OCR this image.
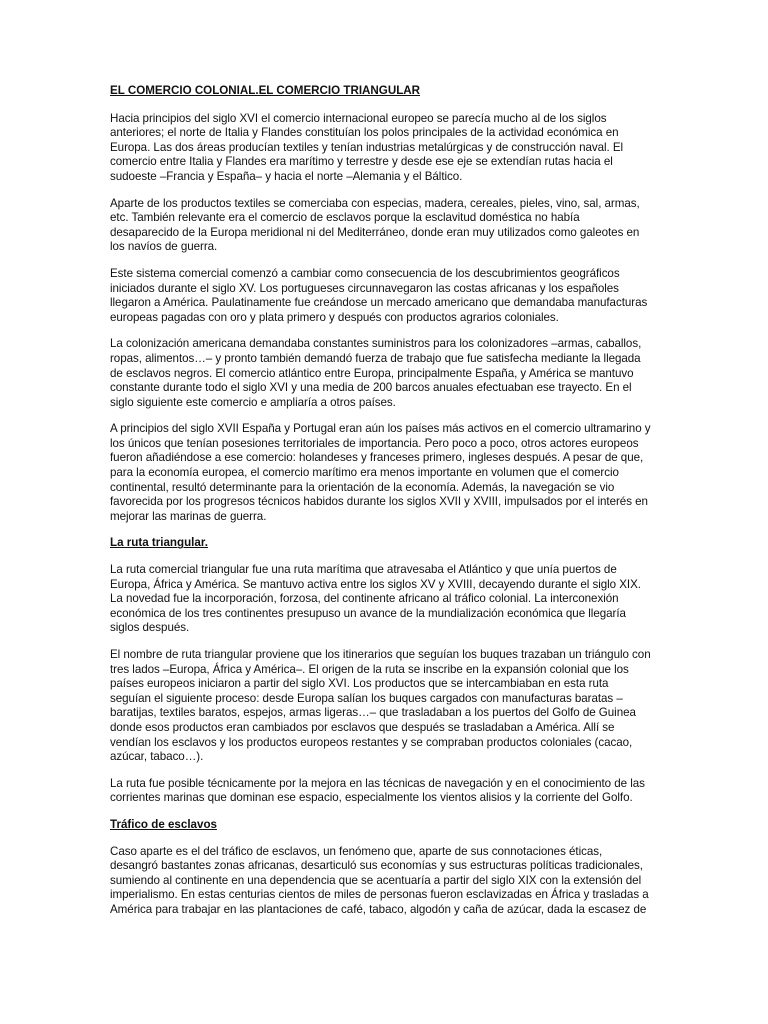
EL COMERCIO COLONIAL.EL COMERCIO TRIANGULAR

Hacia principios del siglo XVI el comercio internacional europeo se parecía mucho al de los siglos
anteriores; el norte de Italia y Flandes constituían los polos principales de la actividad económica en
Europa. Las dos áreas producían textiles y tenían industrias metalúrgicas y de construcción naval. El
comercio entre Italia y Flandes era marítimo y terrestre y desde ese eje se extendían rutas hacia el
sudoeste –Francia y España– y hacia el norte –Alemania y el Báltico.

Aparte de los productos textiles se comerciaba con especias, madera, cereales, pieles, vino, sal, armas,
etc. También relevante era el comercio de esclavos porque la esclavitud doméstica no había
desaparecido de la Europa meridional ni del Mediterráneo, donde eran muy utilizados como galeotes en
los navíos de guerra.

Este sistema comercial comenzó a cambiar como consecuencia de los descubrimientos geográficos
iniciados durante el siglo XV. Los portugueses circunnavegaron las costas africanas y los españoles
llegaron a América. Paulatinamente fue creándose un mercado americano que demandaba manufacturas
europeas pagadas con oro y plata primero y después con productos agrarios coloniales.

La colonización americana demandaba constantes suministros para los colonizadores –armas, caballos,
ropas, alimentos…– y pronto también demandó fuerza de trabajo que fue satisfecha mediante la llegada
de esclavos negros. El comercio atlántico entre Europa, principalmente España, y América se mantuvo
constante durante todo el siglo XVI y una media de 200 barcos anuales efectuaban ese trayecto. En el
siglo siguiente este comercio e ampliaría a otros países.

A principios del siglo XVII España y Portugal eran aún los países más activos en el comercio ultramarino y
los únicos que tenían posesiones territoriales de importancia. Pero poco a poco, otros actores europeos
fueron añadiéndose a ese comercio: holandeses y franceses primero, ingleses después. A pesar de que,
para la economía europea, el comercio marítimo era menos importante en volumen que el comercio
continental, resultó determinante para la orientación de la economía. Además, la navegación se vio
favorecida por los progresos técnicos habidos durante los siglos XVII y XVIII, impulsados por el interés en
mejorar las marinas de guerra.

La ruta triangular.

La ruta comercial triangular fue una ruta marítima que atravesaba el Atlántico y que unía puertos de
Europa, África y América. Se mantuvo activa entre los siglos XV y XVIII, decayendo durante el siglo XIX.
La novedad fue la incorporación, forzosa, del continente africano al tráfico colonial. La interconexión
económica de los tres continentes presupuso un avance de la mundialización económica que llegaría
siglos después.

El nombre de ruta triangular proviene que los itinerarios que seguían los buques trazaban un triángulo con
tres lados –Europa, África y América–. El origen de la ruta se inscribe en la expansión colonial que los
países europeos iniciaron a partir del siglo XVI. Los productos que se intercambiaban en esta ruta
seguían el siguiente proceso: desde Europa salían los buques cargados con manufacturas baratas –
baratijas, textiles baratos, espejos, armas ligeras…– que trasladaban a los puertos del Golfo de Guinea
donde esos productos eran cambiados por esclavos que después se trasladaban a América. Allí se
vendían los esclavos y los productos europeos restantes y se compraban productos coloniales (cacao,
azúcar, tabaco…).

La ruta fue posible técnicamente por la mejora en las técnicas de navegación y en el conocimiento de las
corrientes marinas que dominan ese espacio, especialmente los vientos alisios y la corriente del Golfo.

Tráfico de esclavos

Caso aparte es el del tráfico de esclavos, un fenómeno que, aparte de sus connotaciones éticas,
desangró bastantes zonas africanas, desarticuló sus economías y sus estructuras políticas tradicionales,
sumiendo al continente en una dependencia que se acentuaría a partir del siglo XIX con la extensión del
imperialismo. En estas centurias cientos de miles de personas fueron esclavizadas en África y trasladas a
América para trabajar en las plantaciones de café, tabaco, algodón y caña de azúcar, dada la escasez de
